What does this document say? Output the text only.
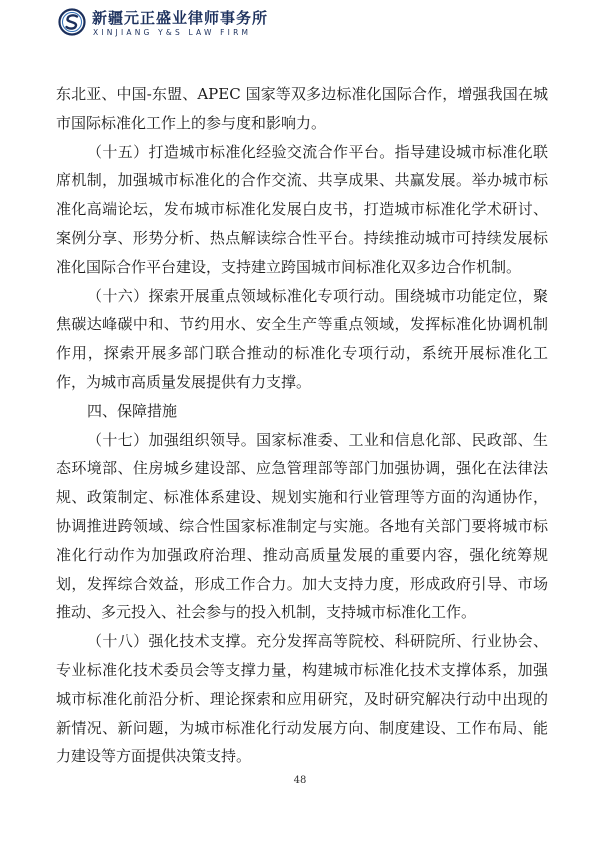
新疆元正盛业律师事务所
XINJIANG Y&S LAW FIRM

东北亚、中国-东盟、APEC 国家等双多边标准化国际合作，增强我国在城市国际标准化工作上的参与度和影响力。

（十五）打造城市标准化经验交流合作平台。指导建设城市标准化联席机制，加强城市标准化的合作交流、共享成果、共赢发展。举办城市标准化高端论坛，发布城市标准化发展白皮书，打造城市标准化学术研讨、案例分享、形势分析、热点解读综合性平台。持续推动城市可持续发展标准化国际合作平台建设，支持建立跨国城市间标准化双多边合作机制。

（十六）探索开展重点领域标准化专项行动。围绕城市功能定位，聚焦碳达峰碳中和、节约用水、安全生产等重点领域，发挥标准化协调机制作用，探索开展多部门联合推动的标准化专项行动，系统开展标准化工作，为城市高质量发展提供有力支撑。

四、保障措施

（十七）加强组织领导。国家标准委、工业和信息化部、民政部、生态环境部、住房城乡建设部、应急管理部等部门加强协调，强化在法律法规、政策制定、标准体系建设、规划实施和行业管理等方面的沟通协作，协调推进跨领域、综合性国家标准制定与实施。各地有关部门要将城市标准化行动作为加强政府治理、推动高质量发展的重要内容，强化统筹规划，发挥综合效益，形成工作合力。加大支持力度，形成政府引导、市场推动、多元投入、社会参与的投入机制，支持城市标准化工作。

（十八）强化技术支撑。充分发挥高等院校、科研院所、行业协会、专业标准化技术委员会等支撑力量，构建城市标准化技术支撑体系，加强城市标准化前沿分析、理论探索和应用研究，及时研究解决行动中出现的新情况、新问题，为城市标准化行动发展方向、制度建设、工作布局、能力建设等方面提供决策支持。

48
